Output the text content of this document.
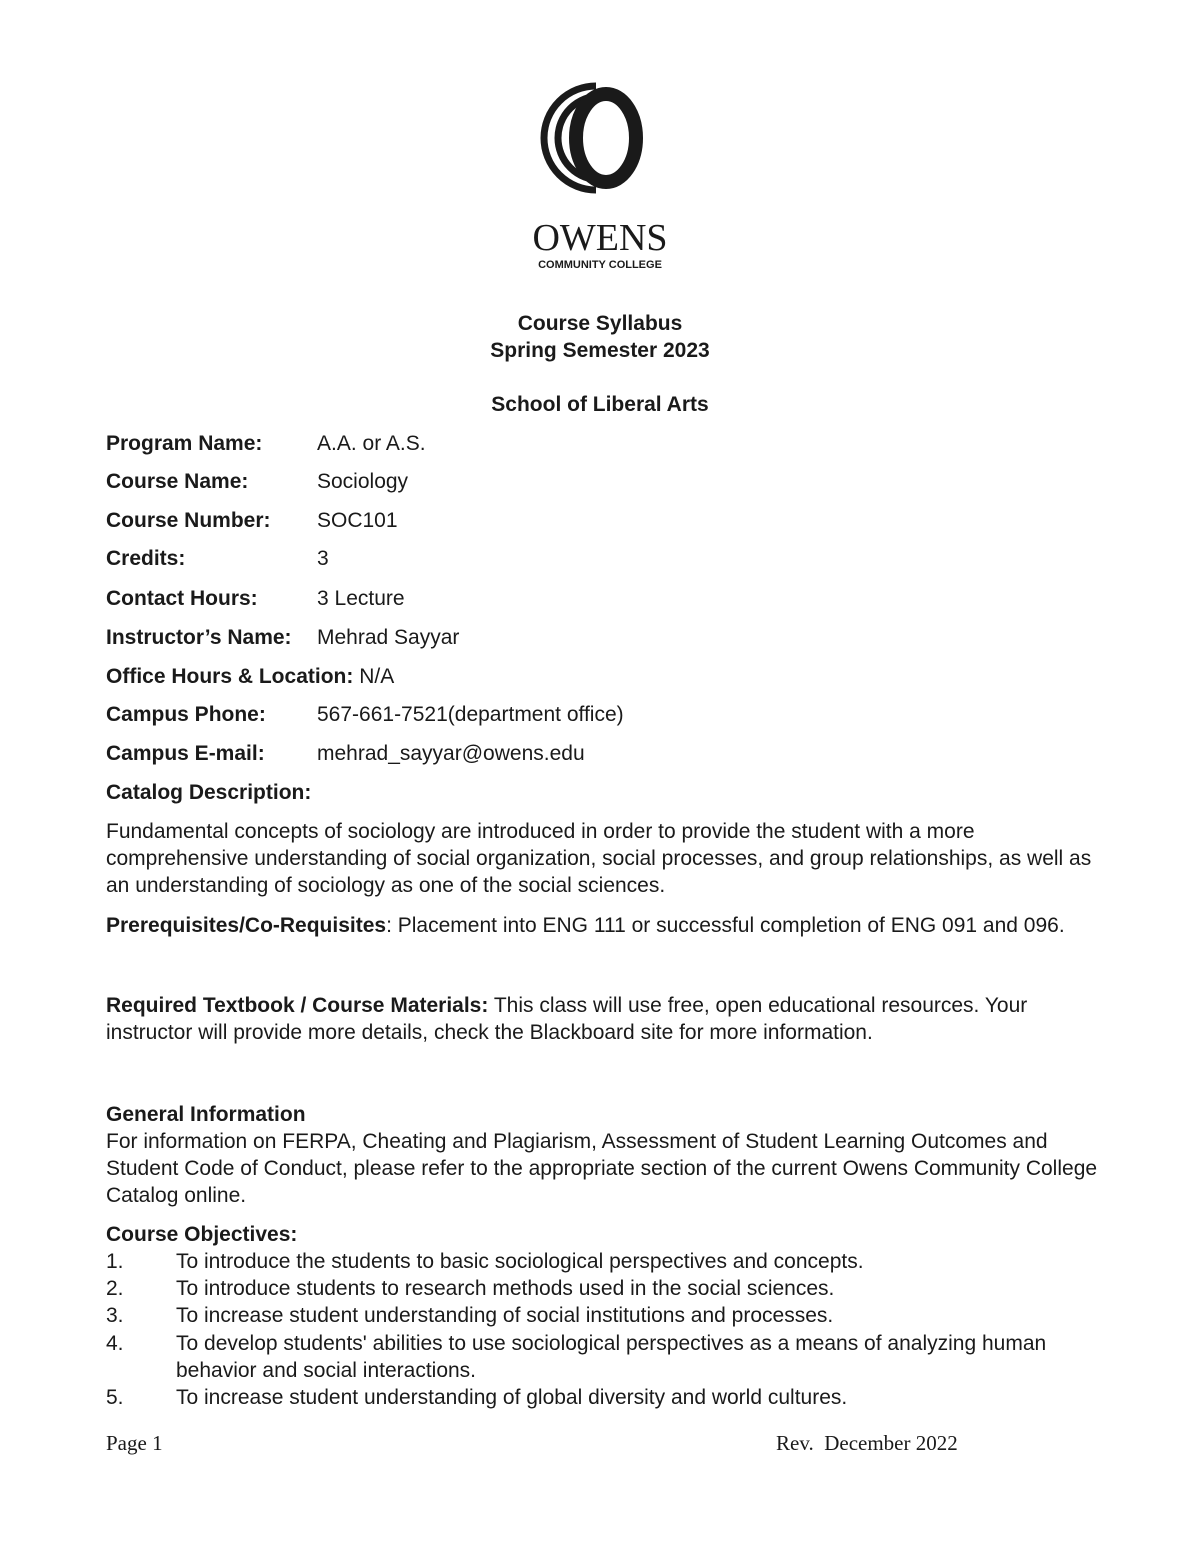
OWENS
COMMUNITY COLLEGE
Course Syllabus
Spring Semester 2023
School of Liberal Arts
Program Name:	A.A. or A.S.
Course Name:	Sociology
Course Number: SOC101
Credits:	3
Contact Hours:	3 Lecture
Instructor’s Name: Mehrad Sayyar
Office Hours & Location: N/A
Campus Phone: 567-661-7521(department office)
Campus E-mail: mehrad_sayyar@owens.edu
Catalog Description:
Fundamental concepts of sociology are introduced in order to provide the student with a more comprehensive understanding of social organization, social processes, and group relationships, as well as an understanding of sociology as one of the social sciences.
Prerequisites/Co-Requisites: Placement into ENG 111 or successful completion of ENG 091 and 096.
Required Textbook / Course Materials: This class will use free, open educational resources. Your instructor will provide more details, check the Blackboard site for more information.
General Information
For information on FERPA, Cheating and Plagiarism, Assessment of Student Learning Outcomes and Student Code of Conduct, please refer to the appropriate section of the current Owens Community College Catalog online.
Course Objectives:
1. To introduce the students to basic sociological perspectives and concepts.
2. To introduce students to research methods used in the social sciences.
3. To increase student understanding of social institutions and processes.
4. To develop students' abilities to use sociological perspectives as a means of analyzing human behavior and social interactions.
5. To increase student understanding of global diversity and world cultures.
Page 1	Rev.  December 2022
